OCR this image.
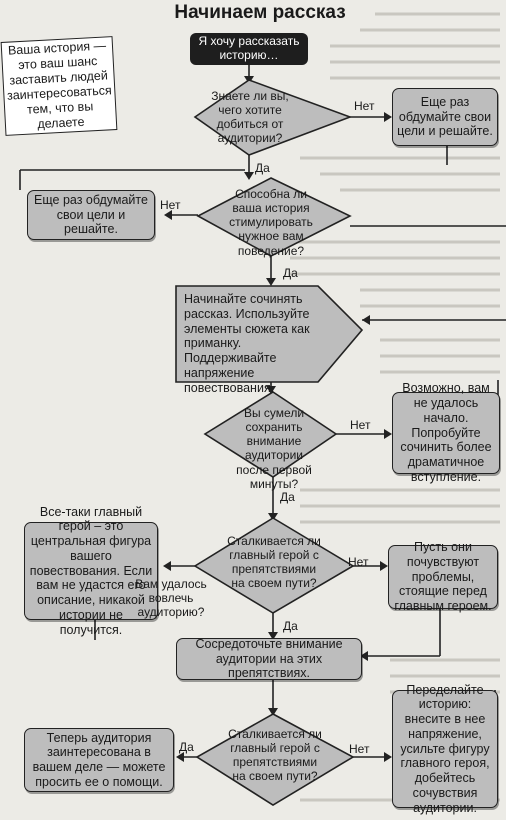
Начинаем рассказ
Ваша история — это ваш шанс заставить людей заинтересоваться тем, что вы делаете
Я хочу рассказать историю…
Знаете ли вы, чего хотите добиться от аудитории?
Нет	Еще раз обдумайте свои цели и решайте.
Да
Способна ли ваша история стимулировать нужное вам поведение?
Нет
Еще раз обдумайте свои цели и решайте.
Да
Начинайте сочинять рассказ. Используйте элементы сюжета как приманку. Поддерживайте напряжение повествования.
Вы сумели сохранить внимание аудитории после первой минуты?
Нет
Возможно, вам не удалось начало. Попробуйте сочинить более драматичное вступление.
Да
Сталкивается ли главный герой с препятствиями на своем пути?
Нет
Пусть они почувствуют проблемы, стоящие перед главным героем.
Все-таки главный герой – это центральная фигура вашего повествования. Если вам не удастся его описание, никакой истории не получится.
Вам удалось вовлечь аудиторию?
Да
Сосредоточьте внимание аудитории на этих препятствиях.
Сталкивается ли главный герой с препятствиями на своем пути?
Да	Нет
Теперь аудитория заинтересована в вашем деле — можете просить ее о помощи.
Переделайте историю: внесите в нее напряжение, усильте фигуру главного героя, добейтесь сочувствия аудитории.
